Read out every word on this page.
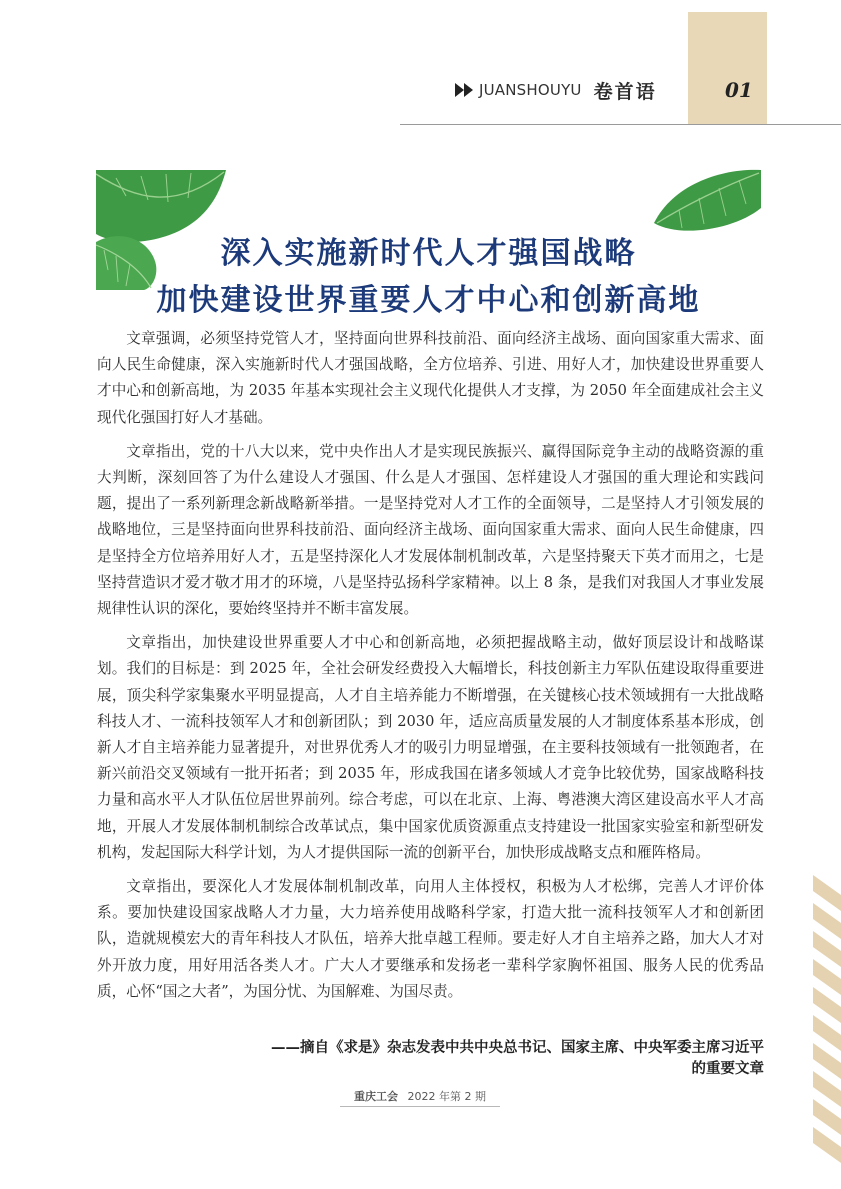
JUANSHOUYU 卷首语	01
深入实施新时代人才强国战略
加快建设世界重要人才中心和创新高地

文章强调，必须坚持党管人才，坚持面向世界科技前沿、面向经济主战场、面向国家重大需求、面向人民生命健康，深入实施新时代人才强国战略，全方位培养、引进、用好人才，加快建设世界重要人才中心和创新高地，为 2035 年基本实现社会主义现代化提供人才支撑，为 2050 年全面建成社会主义现代化强国打好人才基础。

文章指出，党的十八大以来，党中央作出人才是实现民族振兴、赢得国际竞争主动的战略资源的重大判断，深刻回答了为什么建设人才强国、什么是人才强国、怎样建设人才强国的重大理论和实践问题，提出了一系列新理念新战略新举措。一是坚持党对人才工作的全面领导，二是坚持人才引领发展的战略地位，三是坚持面向世界科技前沿、面向经济主战场、面向国家重大需求、面向人民生命健康，四是坚持全方位培养用好人才，五是坚持深化人才发展体制机制改革，六是坚持聚天下英才而用之，七是坚持营造识才爱才敬才用才的环境，八是坚持弘扬科学家精神。以上 8 条，是我们对我国人才事业发展规律性认识的深化，要始终坚持并不断丰富发展。

文章指出，加快建设世界重要人才中心和创新高地，必须把握战略主动，做好顶层设计和战略谋划。我们的目标是：到 2025 年，全社会研发经费投入大幅增长，科技创新主力军队伍建设取得重要进展，顶尖科学家集聚水平明显提高，人才自主培养能力不断增强，在关键核心技术领域拥有一大批战略科技人才、一流科技领军人才和创新团队；到 2030 年，适应高质量发展的人才制度体系基本形成，创新人才自主培养能力显著提升，对世界优秀人才的吸引力明显增强，在主要科技领域有一批领跑者，在新兴前沿交叉领域有一批开拓者；到 2035 年，形成我国在诸多领域人才竞争比较优势，国家战略科技力量和高水平人才队伍位居世界前列。综合考虑，可以在北京、上海、粤港澳大湾区建设高水平人才高地，开展人才发展体制机制综合改革试点，集中国家优质资源重点支持建设一批国家实验室和新型研发机构，发起国际大科学计划，为人才提供国际一流的创新平台，加快形成战略支点和雁阵格局。

文章指出，要深化人才发展体制机制改革，向用人主体授权，积极为人才松绑，完善人才评价体系。要加快建设国家战略人才力量，大力培养使用战略科学家，打造大批一流科技领军人才和创新团队，造就规模宏大的青年科技人才队伍，培养大批卓越工程师。要走好人才自主培养之路，加大人才对外开放力度，用好用活各类人才。广大人才要继承和发扬老一辈科学家胸怀祖国、服务人民的优秀品质，心怀“国之大者”，为国分忧、为国解难、为国尽责。

——摘自《求是》杂志发表中共中央总书记、国家主席、中央军委主席习近平的重要文章
重庆工会 2022 年第 2 期
